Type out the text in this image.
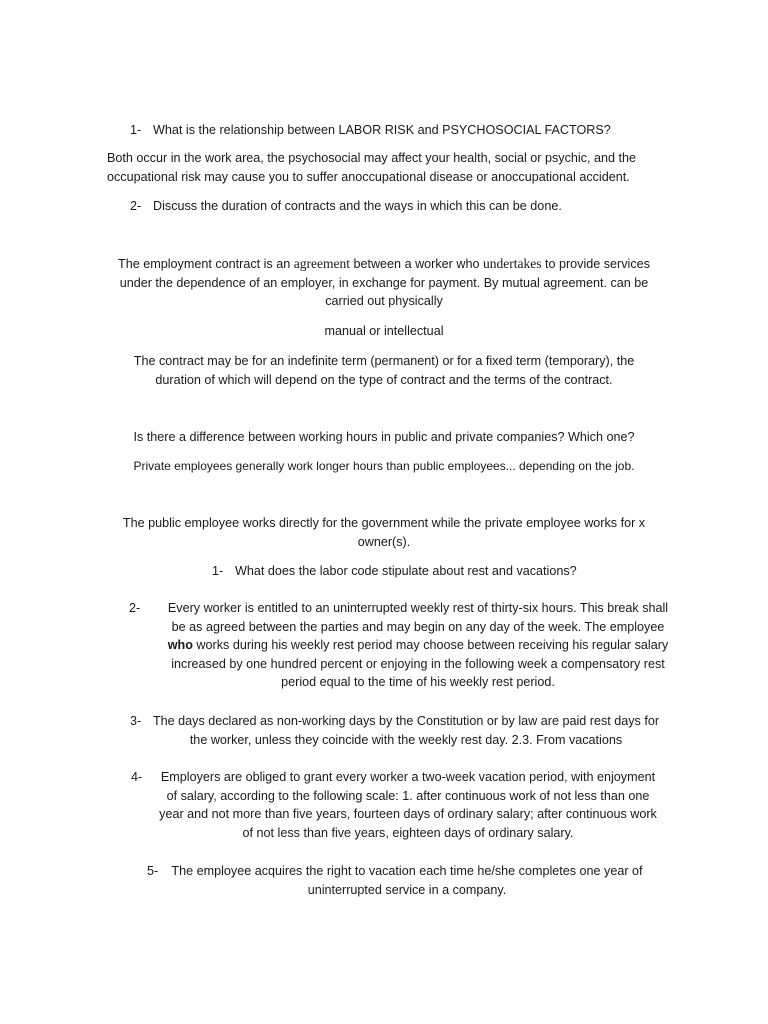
1- What is the relationship between LABOR RISK and PSYCHOSOCIAL FACTORS?
Both occur in the work area, the psychosocial may affect your health, social or psychic, and the
occupational risk may cause you to suffer anoccupational disease or anoccupational accident.
2- Discuss the duration of contracts and the ways in which this can be done.
The employment contract is an agreement between a worker who undertakes to provide services
under the dependence of an employer, in exchange for payment. By mutual agreement. can be
carried out physically
manual or intellectual
The contract may be for an indefinite term (permanent) or for a fixed term (temporary), the
duration of which will depend on the type of contract and the terms of the contract.
Is there a difference between working hours in public and private companies? Which one?
Private employees generally work longer hours than public employees... depending on the job.
The public employee works directly for the government while the private employee works for x
owner(s).
1- What does the labor code stipulate about rest and vacations?
2-	Every worker is entitled to an uninterrupted weekly rest of thirty-six hours. This break shall
be as agreed between the parties and may begin on any day of the week. The employee
who works during his weekly rest period may choose between receiving his regular salary
increased by one hundred percent or enjoying in the following week a compensatory rest
period equal to the time of his weekly rest period.
3- The days declared as non-working days by the Constitution or by law are paid rest days for
the worker, unless they coincide with the weekly rest day. 2.3. From vacations
4-	Employers are obliged to grant every worker a two-week vacation period, with enjoyment
of salary, according to the following scale: 1. after continuous work of not less than one
year and not more than five years, fourteen days of ordinary salary; after continuous work
of not less than five years, eighteen days of ordinary salary.
5- The employee acquires the right to vacation each time he/she completes one year of
uninterrupted service in a company.
